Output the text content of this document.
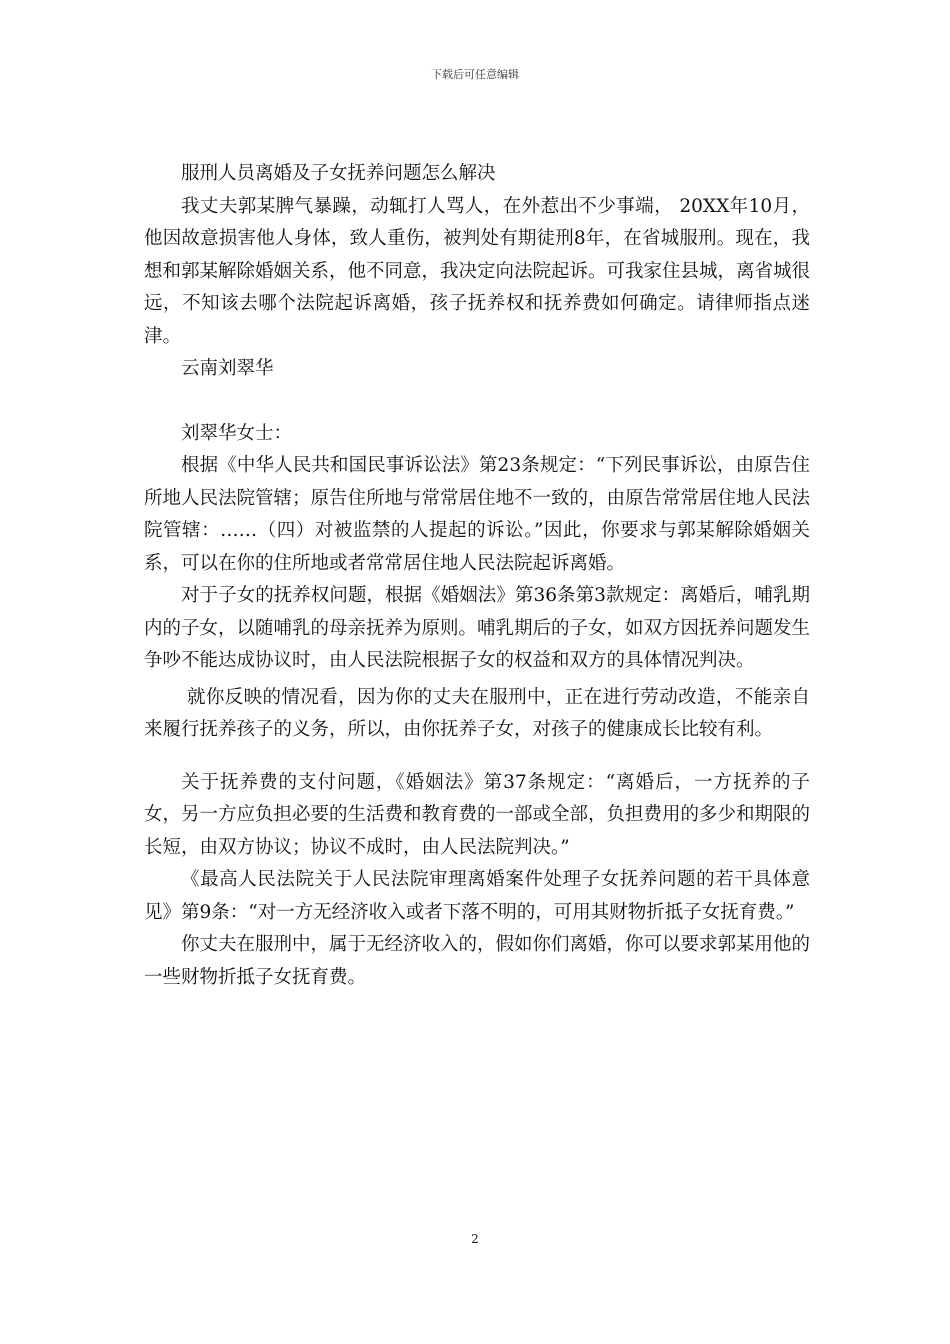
下载后可任意编辑

服刑人员离婚及子女抚养问题怎么解决

我丈夫郭某脾气暴躁，动辄打人骂人，在外惹出不少事端， 20XX年10月，他因故意损害他人身体，致人重伤，被判处有期徒刑8年，在省城服刑。现在，我想和郭某解除婚姻关系，他不同意，我决定向法院起诉。可我家住县城，离省城很远，不知该去哪个法院起诉离婚，孩子抚养权和抚养费如何确定。请律师指点迷津。

云南刘翠华

刘翠华女士：

根据《中华人民共和国民事诉讼法》第23条规定：“下列民事诉讼，由原告住所地人民法院管辖；原告住所地与常常居住地不一致的，由原告常常居住地人民法院管辖：……（四）对被监禁的人提起的诉讼。”因此，你要求与郭某解除婚姻关系，可以在你的住所地或者常常居住地人民法院起诉离婚。

对于子女的抚养权问题，根据《婚姻法》第36条第3款规定：离婚后，哺乳期内的子女，以随哺乳的母亲抚养为原则。哺乳期后的子女，如双方因抚养问题发生争吵不能达成协议时，由人民法院根据子女的权益和双方的具体情况判决。

就你反映的情况看，因为你的丈夫在服刑中，正在进行劳动改造，不能亲自来履行抚养孩子的义务，所以，由你抚养子女，对孩子的健康成长比较有利。

关于抚养费的支付问题，《婚姻法》第37条规定：“离婚后，一方抚养的子女，另一方应负担必要的生活费和教育费的一部或全部，负担费用的多少和期限的长短，由双方协议；协议不成时，由人民法院判决。”

《最高人民法院关于人民法院审理离婚案件处理子女抚养问题的若干具体意见》第9条：“对一方无经济收入或者下落不明的，可用其财物折抵子女抚育费。”

你丈夫在服刑中，属于无经济收入的，假如你们离婚，你可以要求郭某用他的一些财物折抵子女抚育费。

2
